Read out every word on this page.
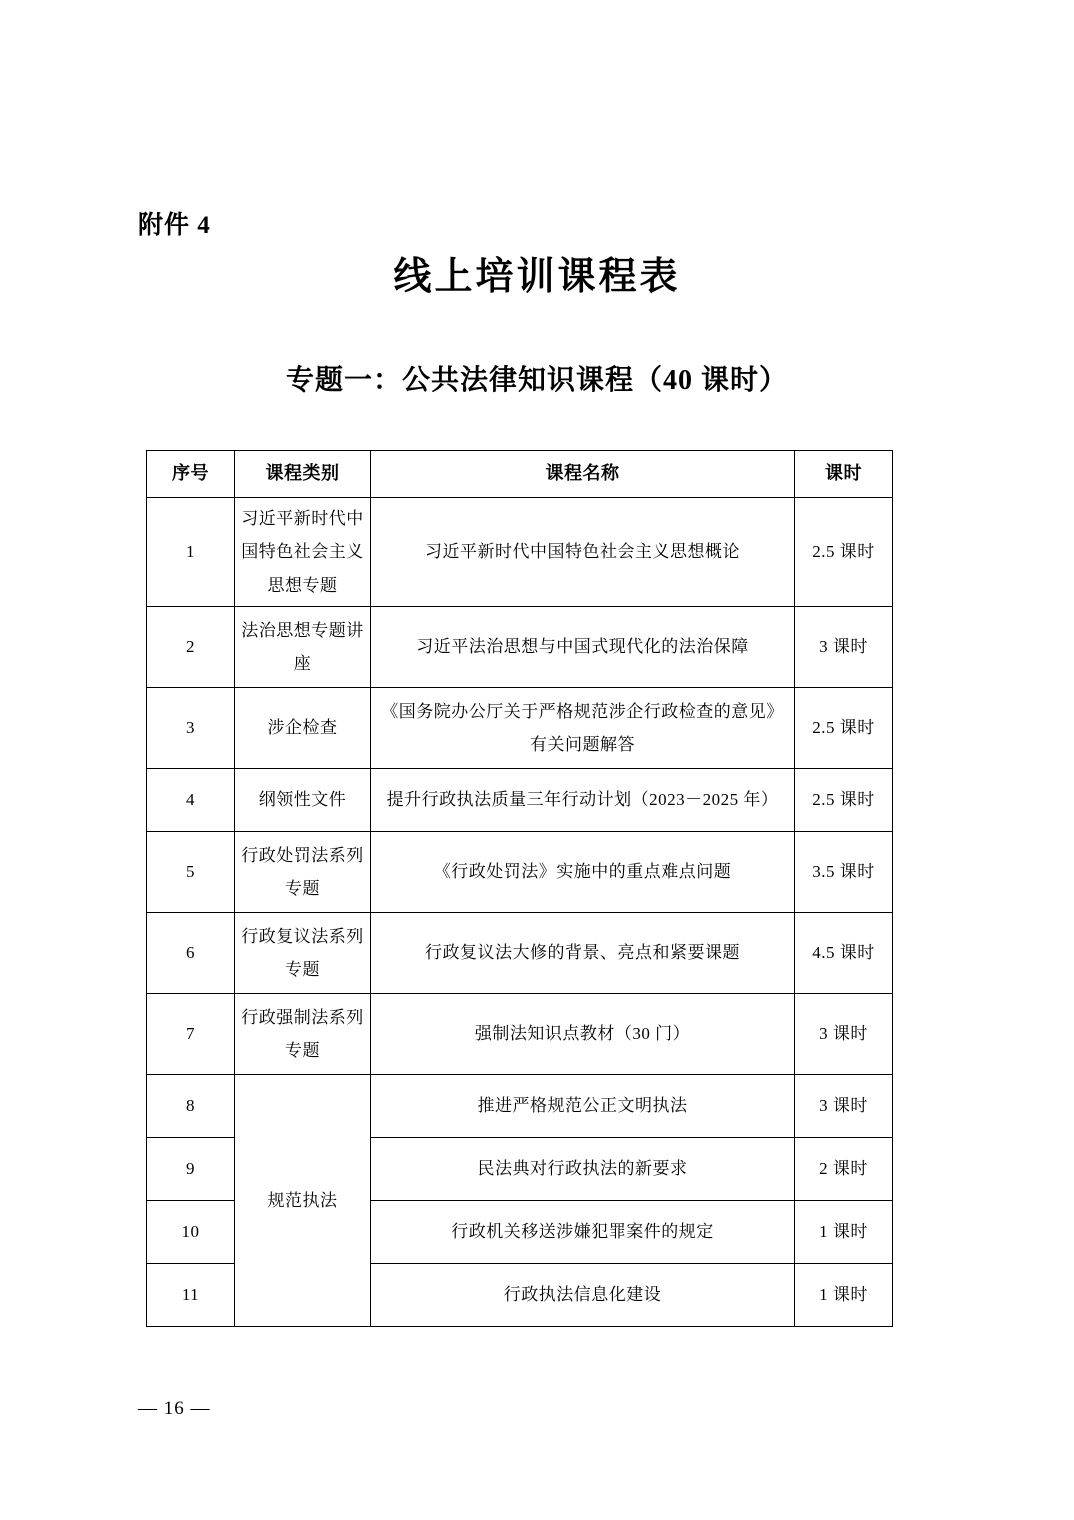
附件 4
线上培训课程表
专题一：公共法律知识课程（40 课时）
序号	课程类别	课程名称	课时
1	习近平新时代中国特色社会主义思想专题	习近平新时代中国特色社会主义思想概论	2.5 课时
2	法治思想专题讲座	习近平法治思想与中国式现代化的法治保障	3 课时
3	涉企检查	《国务院办公厅关于严格规范涉企行政检查的意见》有关问题解答	2.5 课时
4	纲领性文件	提升行政执法质量三年行动计划（2023－2025 年）	2.5 课时
5	行政处罚法系列专题	《行政处罚法》实施中的重点难点问题	3.5 课时
6	行政复议法系列专题	行政复议法大修的背景、亮点和紧要课题	4.5 课时
7	行政强制法系列专题	强制法知识点教材（30 门）	3 课时
8	规范执法	推进严格规范公正文明执法	3 课时
9		民法典对行政执法的新要求	2 课时
10		行政机关移送涉嫌犯罪案件的规定	1 课时
11		行政执法信息化建设	1 课时
— 16 —
